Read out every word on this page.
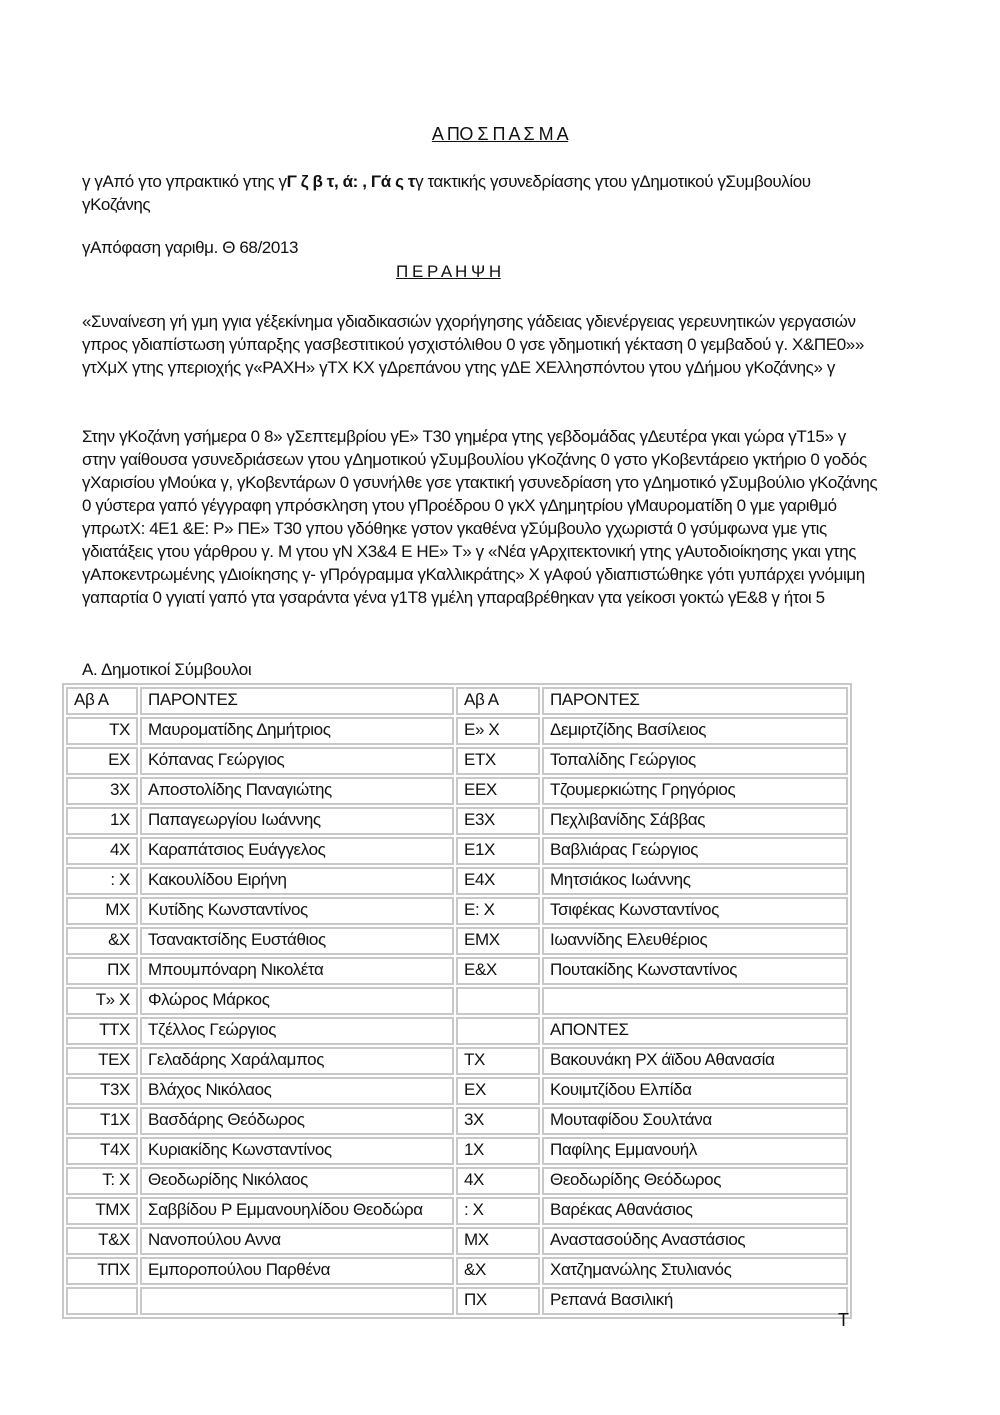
Α ΠΟ Σ Π Α Σ Μ Α
γ γΑπό γτο γπρακτικό γτης γΓ ζ β τ, ά: , Γά ς τγ τακτικής γσυνεδρίασης γτου γΔημοτικού γΣυμβουλίου γΚοζάνης
γΑπόφαση γαριθμ. Θ 68/2013
Π Ε Ρ Α Η Ψ Η
«Συναίνεση γή γμη γγια γέξεκίνημα γδιαδικασιών γχορήγησης γάδειας γδιενέργειας γερευνητικών γεργασιών γπρος γδιαπίστωση γύπαρξης γασβεστιτικού γσχιστόλιθου 0 γσε γδημοτική γέκταση 0 γεμβαδού γ. Χ&ΠΕ0»» γτΧμΧ γτης γπεριοχής γ«ΡΑΧΗ» γΤΧ ΚΧ γΔρεπάνου γτης γΔΕ ΧΕλλησπόντου γτου γΔήμου γΚοζάνης» γ
Στην γΚοζάνη γσήμερα 0 8» γΣεπτεμβρίου γΕ» Τ30 γημέρα γτης γεβδομάδας γΔευτέρα γκαι γώρα γΤ15» γ στην γαίθουσα γσυνεδριάσεων γτου γΔημοτικού γΣυμβουλίου γΚοζάνης 0 γστο γΚοβεντάρειο γκτήριο 0 γοδός γΧαρισίου γΜούκα γ, γΚοβεντάρων 0 γσυνήλθε γσε γτακτική γσυνεδρίαση γτο γΔημοτικό γΣυμβούλιο γΚοζάνης 0 γύστερα γαπό γέγγραφη γπρόσκληση γτου γΠροέδρου 0 γκΧ γΔημητρίου γΜαυροματίδη 0 γμε γαριθμό γπρωτΧ: 4Ε1 &Ε: Ρ» ΠΕ» Τ30 γπου γδόθηκε γστον γκαθένα γΣύμβουλο γχωριστά 0 γσύμφωνα γμε γτις γδιατάξεις γτου γάρθρου γ. Μ γτου γΝ Χ3&4 Ε ΗΕ» Τ» γ «Νέα γΑρχιτεκτονική γτης γΑυτοδιοίκησης γκαι γτης γΑποκεντρωμένης γΔιοίκησης γ- γΠρόγραμμα γΚαλλικράτης» Χ γΑφού γδιαπιστώθηκε γότι γυπάρχει γνόμιμη γαπαρτία 0 γγιατί γαπό γτα γσαράντα γένα γ1Τ8 γμέλη γπαραβρέθηκαν γτα γείκοσι γοκτώ γΕ&8 γ ήτοι 5
Α. Δημοτικοί Σύμβουλοι
Αβ Α	ΠΑΡΟΝΤΕΣ	Αβ Α	ΠΑΡΟΝΤΕΣ
ΤΧ	Μαυροματίδης Δημήτριος	Ε» Χ	Δεμιρτζίδης Βασίλειος
ΕΧ	Κόπανας Γεώργιος	ΕΤΧ	Τοπαλίδης Γεώργιος
3Χ	Αποστολίδης Παναγιώτης	ΕΕΧ	Τζουμερκιώτης Γρηγόριος
1Χ	Παπαγεωργίου Ιωάννης	Ε3Χ	Πεχλιβανίδης Σάββας
4Χ	Καραπάτσιος Ευάγγελος	Ε1Χ	Βαβλιάρας Γεώργιος
: Χ	Κακουλίδου Ειρήνη	Ε4Χ	Μητσιάκος Ιωάννης
ΜΧ	Κυτίδης Κωνσταντίνος	Ε: Χ	Τσιφέκας Κωνσταντίνος
&Χ	Τσανακτσίδης Ευστάθιος	ΕΜΧ	Ιωαννίδης Ελευθέριος
ΠΧ	Μπουμπόναρη Νικολέτα	Ε&Χ	Πουτακίδης Κωνσταντίνος
Τ» Χ	Φλώρος Μάρκος		
ΤΤΧ	Τζέλλος Γεώργιος		ΑΠΟΝΤΕΣ
ΤΕΧ	Γελαδάρης Χαράλαμπος	ΤΧ	Βακουνάκη ΡΧ άϊδου Αθανασία
Τ3Χ	Βλάχος Νικόλαος	ΕΧ	Κουιμτζίδου Ελπίδα
Τ1Χ	Βασδάρης Θεόδωρος	3Χ	Μουταφίδου Σουλτάνα
Τ4Χ	Κυριακίδης Κωνσταντίνος	1Χ	Παφίλης Εμμανουήλ
Τ: Χ	Θεοδωρίδης Νικόλαος	4Χ	Θεοδωρίδης Θεόδωρος
ΤΜΧ	Σαββίδου Ρ Εμμανουηλίδου Θεοδώρα	: Χ	Βαρέκας Αθανάσιος
Τ&Χ	Νανοπούλου Αννα	ΜΧ	Αναστασούδης Αναστάσιος
ΤΠΧ	Εμποροπούλου Παρθένα	&Χ	Χατζημανώλης Στυλιανός
		ΠΧ	Ρεπανά Βασιλική
Τ
